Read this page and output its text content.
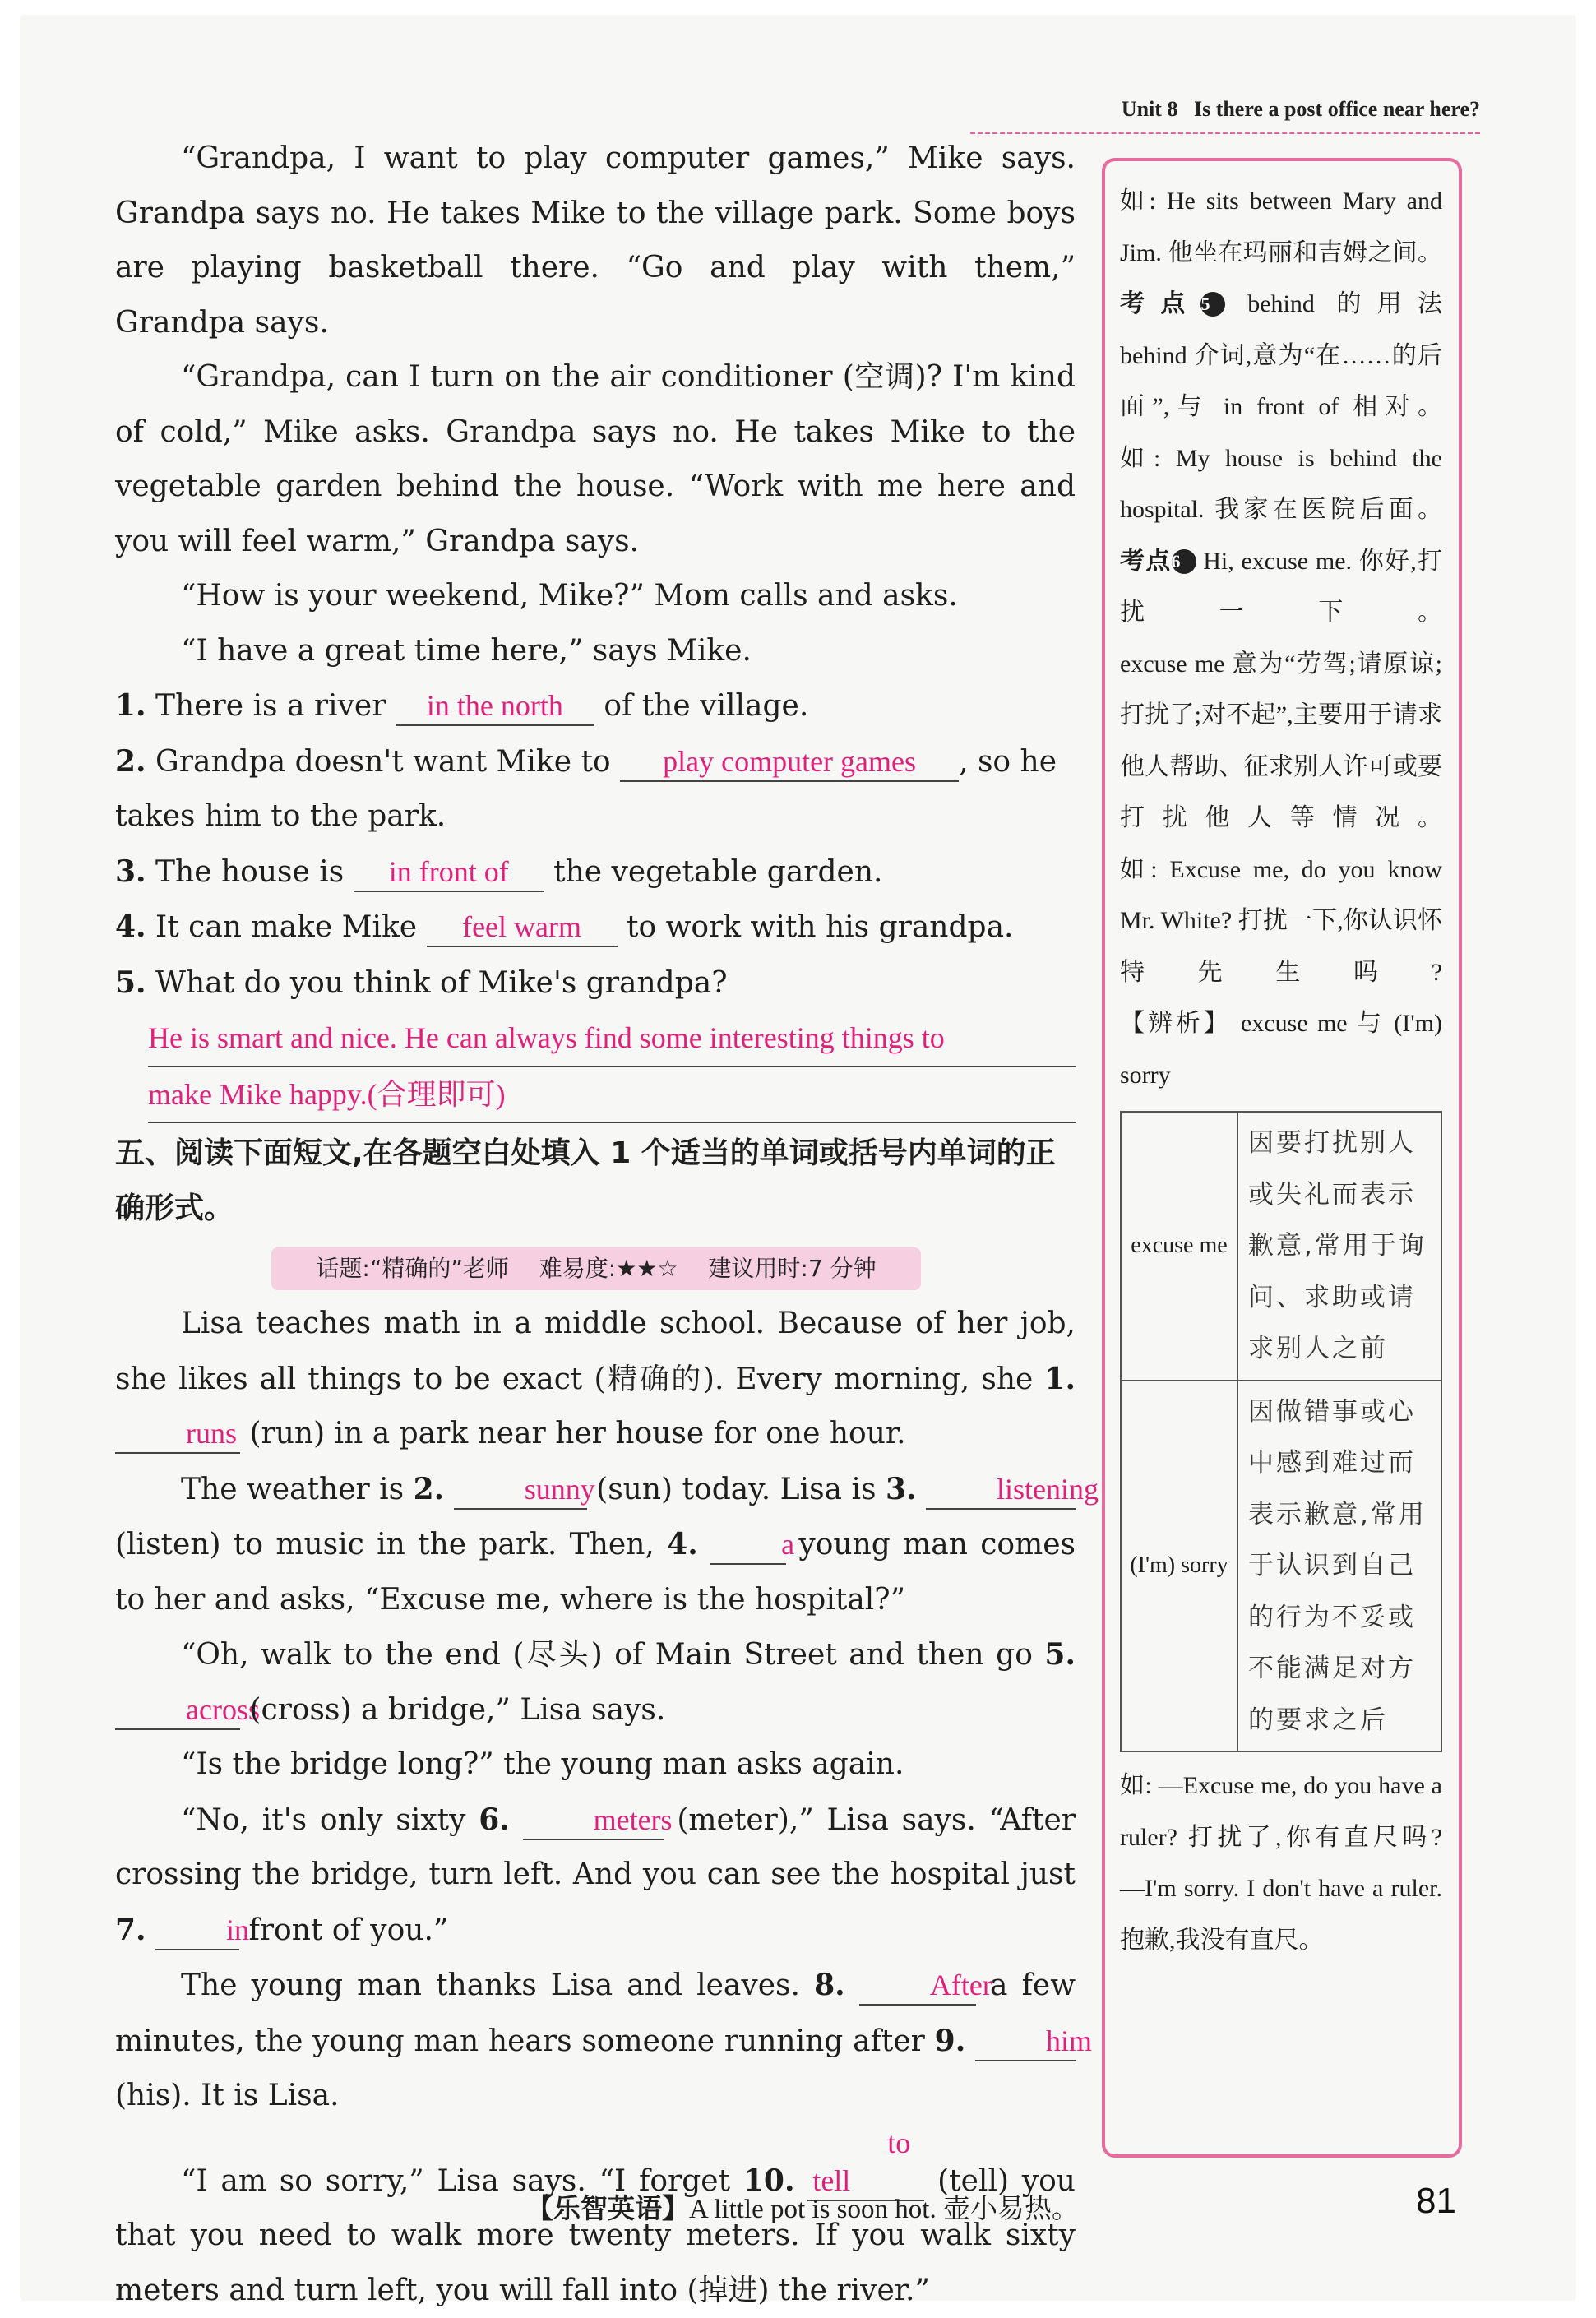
Unit 8 Is there a post office near here?

“Grandpa, I want to play computer games,” Mike says. Grandpa says no. He takes Mike to the village park. Some boys are playing basketball there. “Go and play with them,” Grandpa says.

“Grandpa, can I turn on the air conditioner (空调)? I'm kind of cold,” Mike asks. Grandpa says no. He takes Mike to the vegetable garden behind the house. “Work with me here and you will feel warm,” Grandpa says.

“How is your weekend, Mike?” Mom calls and asks.

“I have a great time here,” says Mike.

1. There is a river in the north of the village.

2. Grandpa doesn't want Mike to play computer games , so he takes him to the park.

3. The house is in front of the vegetable garden.

4. It can make Mike feel warm to work with his grandpa.

5. What do you think of Mike's grandpa?

He is smart and nice. He can always find some interesting things to

make Mike happy.(合理即可)

五、阅读下面短文,在各题空白处填入 1 个适当的单词或括号内单词的正确形式。

话题:“精确的”老师 难易度:★★☆ 建议用时:7 分钟

Lisa teaches math in a middle school. Because of her job, she likes all things to be exact (精确的). Every morning, she 1. runs (run) in a park near her house for one hour.

The weather is 2.	sunny (sun) today. Lisa is 3.	listening (listen) to music in the park. Then, 4.	a young man comes to her and asks, “Excuse me, where is the hospital?”

“Oh, walk to the end (尽头) of Main Street and then go 5. across (cross) a bridge,” Lisa says.

“Is the bridge long?” the young man asks again.

“No, it's only sixty 6.	meters (meter),” Lisa says. “After crossing the bridge, turn left. And you can see the hospital just 7.	in front of you.”

The young man thanks Lisa and leaves. 8.	After a few minutes, the young man hears someone running after 9.	him (his). It is Lisa.

“I am so sorry,” Lisa says. “I forget 10. to tell	(tell) you that you need to walk more twenty meters. If you walk sixty meters and turn left, you will fall into (掉进) the river.”

如: He sits between Mary and Jim. 他坐在玛丽和吉姆之间。

考点5 behind 的用法

behind 介词,意为“在……的后面”,与 in front of 相对。

如: My house is behind the hospital. 我家在医院后面。

考点6 Hi, excuse me. 你好,打扰一下。

excuse me 意为“劳驾;请原谅;打扰了;对不起”,主要用于请求他人帮助、征求别人许可或要打扰他人等情况。

如: Excuse me, do you know Mr. White? 打扰一下,你认识怀特先生吗?

【辨析】 excuse me 与 (I'm) sorry

excuse me	因要打扰别人或失礼而表示歉意,常用于询问、求助或请求别人之前
(I'm) sorry	因做错事或心中感到难过而表示歉意,常用于认识到自己的行为不妥或不能满足对方的要求之后

如: —Excuse me, do you have a ruler? 打扰了,你有直尺吗?

—I'm sorry. I don't have a ruler. 抱歉,我没有直尺。

【乐智英语】A little pot is soon hot. 壶小易热。	81
